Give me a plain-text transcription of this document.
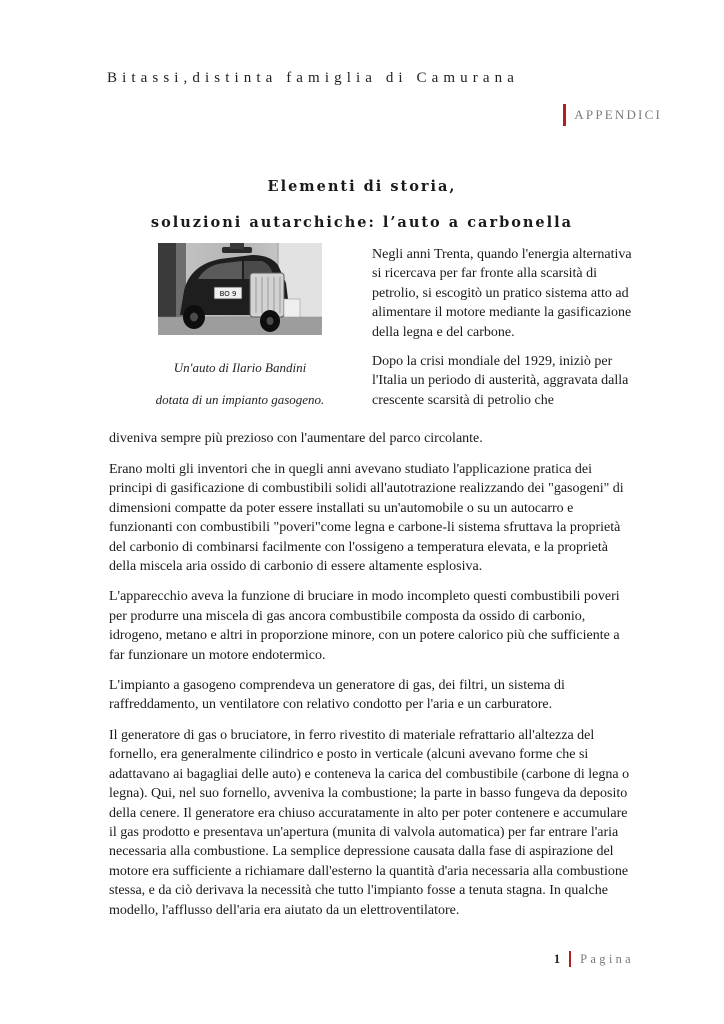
Bitassi,distinta famiglia di Camurana
APPENDICI
Elementi di storia,
soluzioni autarchiche: l’auto a carbonella
BO 9
Un'auto di Ilario Bandini
dotata di un impianto gasogeno.

Negli anni Trenta, quando l'energia alternativa si ricercava per far fronte alla scarsità di petrolio, si escogitò un pratico sistema atto ad alimentare il motore mediante la gasificazione della legna e del carbone.

Dopo la crisi mondiale del 1929, iniziò per l'Italia un periodo di austerità, aggravata dalla crescente scarsità di petrolio che

diveniva sempre più prezioso con l'aumentare del parco circolante.

Erano molti gli inventori che in quegli anni avevano studiato l'applicazione pratica dei principi di gasificazione di combustibili solidi all'autotrazione realizzando dei "gasogeni" di dimensioni compatte da poter essere installati su un'automobile o su un autocarro e funzionanti con combustibili "poveri"come legna e carbone-li sistema sfruttava la proprietà del carbonio di combinarsi facilmente con l'ossigeno a temperatura elevata, e la proprietà della miscela aria ossido di carbonio di essere altamente esplosiva.

L'apparecchio aveva la funzione di bruciare in modo incompleto questi combustibili poveri per produrre una miscela di gas ancora combustibile composta da ossido di carbonio, idrogeno, metano e altri in proporzione minore, con un potere calorico più che sufficiente a far funzionare un motore endotermico.

L'impianto a gasogeno comprendeva un generatore di gas, dei filtri, un sistema di raffreddamento, un ventilatore con relativo condotto per l'aria e un carburatore.

Il generatore di gas o bruciatore, in ferro rivestito di materiale refrattario all'altezza del fornello, era generalmente cilindrico e posto in verticale (alcuni avevano forme che si adattavano ai bagagliai delle auto) e conteneva la carica del combustibile (carbone di legna o legna). Qui, nel suo fornello, avveniva la combustione; la parte in basso fungeva da deposito della cenere. Il generatore era chiuso accuratamente in alto per poter contenere e accumulare il gas prodotto e presentava un'apertura (munita di valvola automatica) per far entrare l'aria necessaria alla combustione. La semplice depressione causata dalla fase di aspirazione del motore era sufficiente a richiamare dall'esterno la quantità d'aria necessaria alla combustione stessa, e da ciò derivava la necessità che tutto l'impianto fosse a tenuta stagna. In qualche modello, l'afflusso dell'aria era aiutato da un elettroventilatore.

1 Pagina
